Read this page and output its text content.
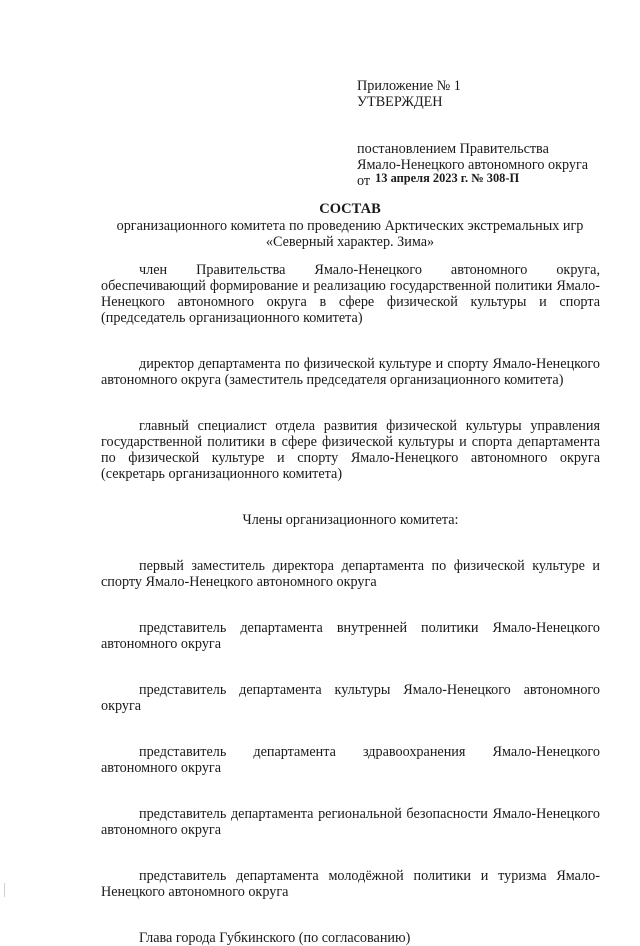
Приложение № 1
УТВЕРЖДЕН
постановлением Правительства
Ямало-Ненецкого автономного округа
от 13 апреля 2023 г. № 308-П
СОСТАВ
организационного комитета по проведению Арктических экстремальных игр
«Северный характер. Зима»

член Правительства Ямало-Ненецкого автономного округа, обеспечивающий формирование и реализацию государственной политики Ямало-Ненецкого автономного округа в сфере физической культуры и спорта (председатель организационного комитета)

директор департамента по физической культуре и спорту Ямало-Ненецкого автономного округа (заместитель председателя организационного комитета)

главный специалист отдела развития физической культуры управления государственной политики в сфере физической культуры и спорта департамента по физической культуре и спорту Ямало-Ненецкого автономного округа (секретарь организационного комитета)

Члены организационного комитета:

первый заместитель директора департамента по физической культуре и спорту Ямало-Ненецкого автономного округа

представитель департамента внутренней политики Ямало-Ненецкого автономного округа

представитель департамента культуры Ямало-Ненецкого автономного округа

представитель департамента здравоохранения Ямало-Ненецкого автономного округа

представитель департамента региональной безопасности Ямало-Ненецкого автономного округа

представитель департамента молодёжной политики и туризма Ямало-Ненецкого автономного округа

Глава города Губкинского (по согласованию)
